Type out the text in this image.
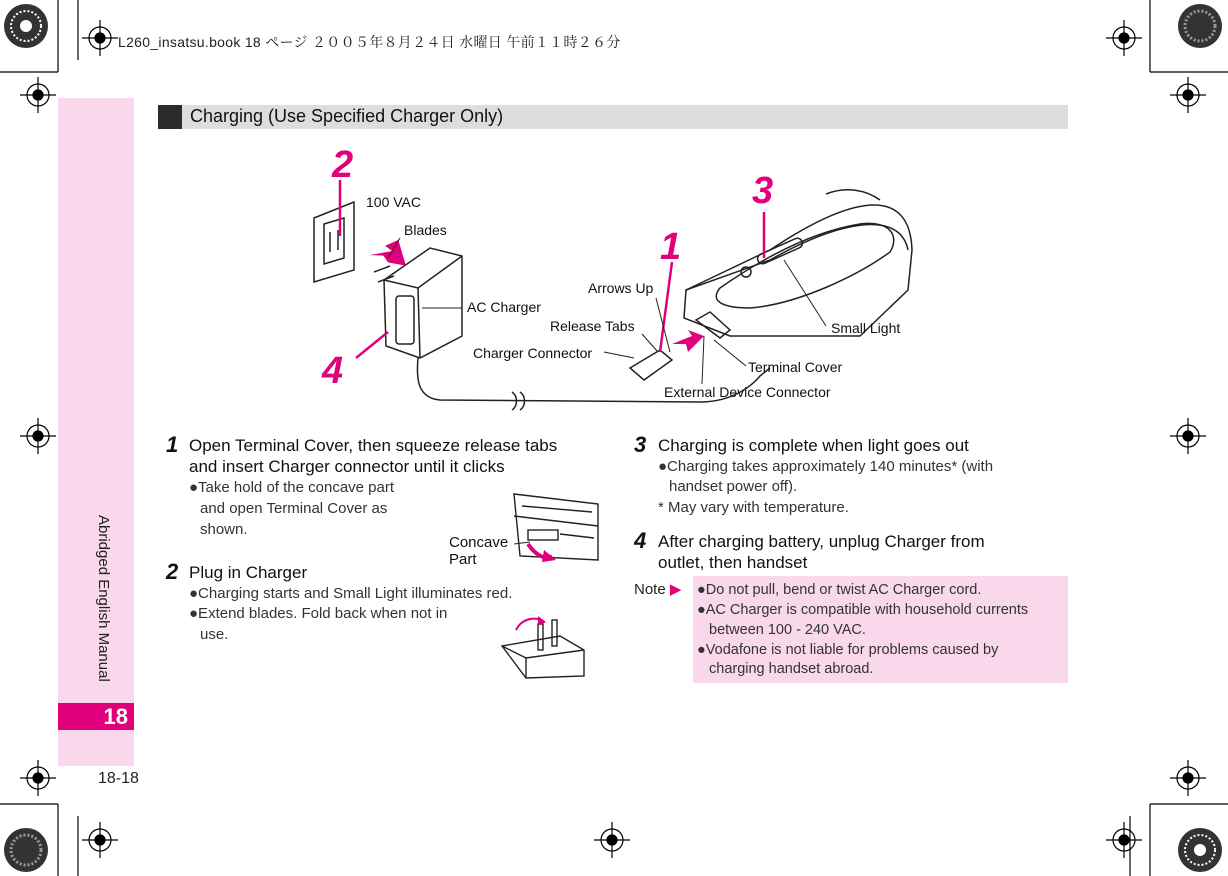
L260_insatsu.book 18 ページ ２００５年８月２４日 水曜日 午前１１時２６分
Abridged English Manual
18
18-18
Charging (Use Specified Charger Only)
2
3
1
4
100 VAC
Blades
AC Charger
Arrows Up
Release Tabs
Charger Connector
Small Light
Terminal Cover
External Device Connector
1 Open Terminal Cover, then squeeze release tabs
and insert Charger connector until it clicks
●Take hold of the concave part
and open Terminal Cover as
shown.
Concave
Part
2 Plug in Charger
●Charging starts and Small Light illuminates red.
●Extend blades. Fold back when not in
use.
3 Charging is complete when light goes out
●Charging takes approximately 140 minutes* (with
handset power off).
* May vary with temperature.
4 After charging battery, unplug Charger from
outlet, then handset
Note ▶ ●Do not pull, bend or twist AC Charger cord.
●AC Charger is compatible with household currents
between 100 - 240 VAC.
●Vodafone is not liable for problems caused by
charging handset abroad.
